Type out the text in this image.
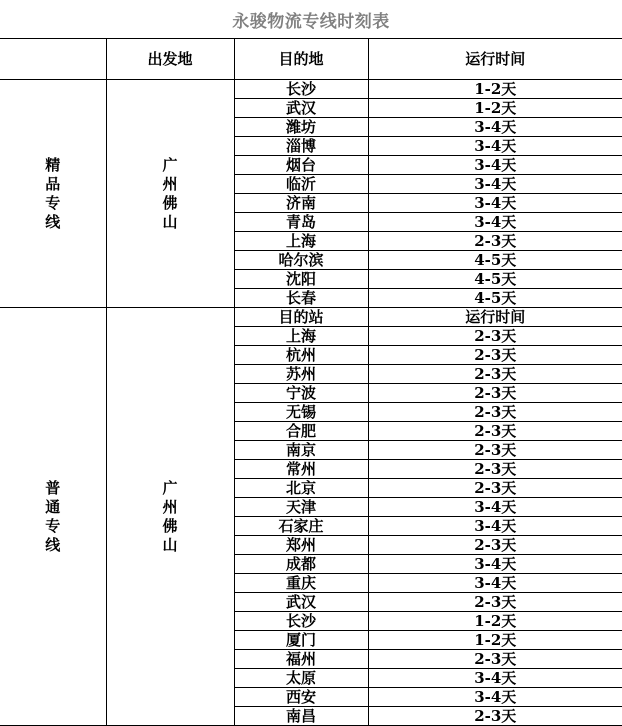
永骏物流专线时刻表
	出发地	目的地	运行时间

精品专线	广州佛山	长沙	1-2天
		武汉	1-2天
		潍坊	3-4天
		淄博	3-4天
		烟台	3-4天
		临沂	3-4天
		济南	3-4天
		青岛	3-4天
		上海	2-3天
		哈尔滨	4-5天
		沈阳	4-5天
		长春	4-5天

普通专线	广州佛山	目的站	运行时间
		上海	2-3天
		杭州	2-3天
		苏州	2-3天
		宁波	2-3天
		无锡	2-3天
		合肥	2-3天
		南京	2-3天
		常州	2-3天
		北京	2-3天
		天津	3-4天
		石家庄	3-4天
		郑州	2-3天
		成都	3-4天
		重庆	3-4天
		武汉	2-3天
		长沙	1-2天
		厦门	1-2天
		福州	2-3天
		太原	3-4天
		西安	3-4天
		南昌	2-3天
